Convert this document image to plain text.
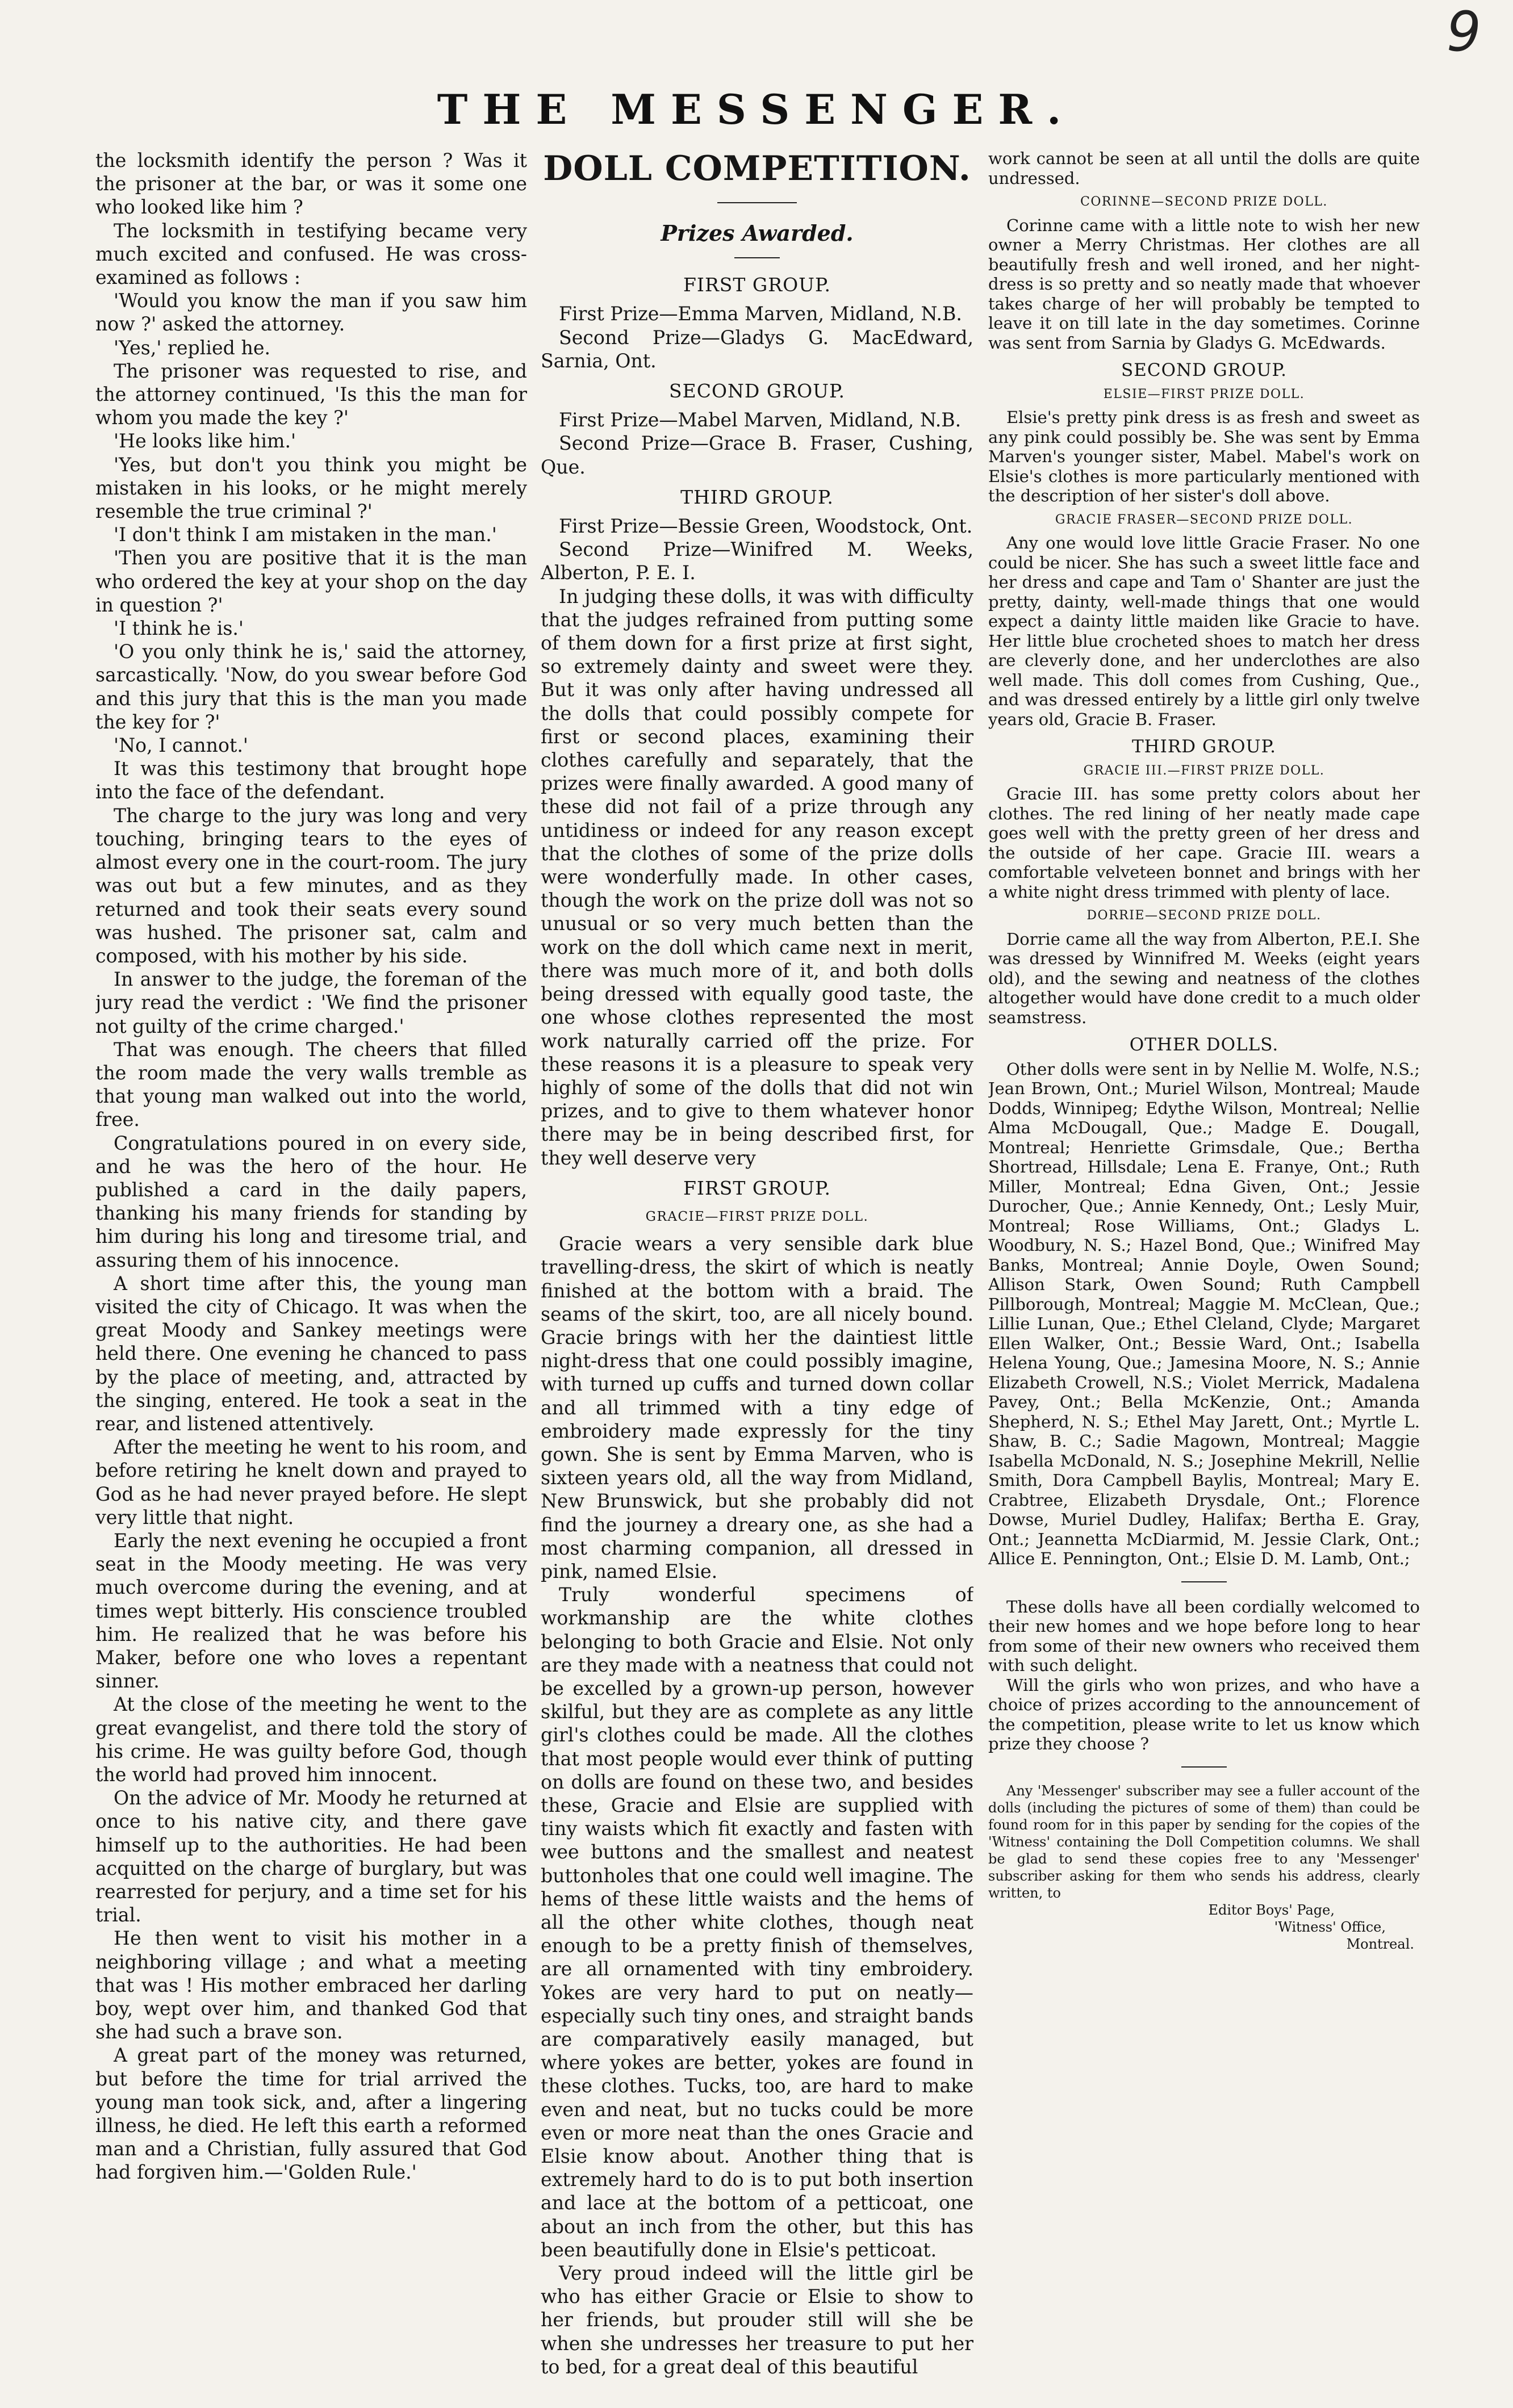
9
THE MESSENGER.

the locksmith identify the person ? Was it the prisoner at the bar, or was it some one who looked like him ?

The locksmith in testifying became very much excited and confused. He was cross-examined as follows :

'Would you know the man if you saw him now ?' asked the attorney.

'Yes,' replied he.

The prisoner was requested to rise, and the attorney continued, 'Is this the man for whom you made the key ?'

'He looks like him.'

'Yes, but don't you think you might be mistaken in his looks, or he might merely resemble the true criminal ?'

'I don't think I am mistaken in the man.'

'Then you are positive that it is the man who ordered the key at your shop on the day in question ?'

'I think he is.'

'O you only think he is,' said the attorney, sarcastically. 'Now, do you swear before God and this jury that this is the man you made the key for ?'

'No, I cannot.'

It was this testimony that brought hope into the face of the defendant.

The charge to the jury was long and very touching, bringing tears to the eyes of almost every one in the court-room. The jury was out but a few minutes, and as they returned and took their seats every sound was hushed. The prisoner sat, calm and composed, with his mother by his side.

In answer to the judge, the foreman of the jury read the verdict : 'We find the prisoner not guilty of the crime charged.'

That was enough. The cheers that filled the room made the very walls tremble as that young man walked out into the world, free.

Congratulations poured in on every side, and he was the hero of the hour. He published a card in the daily papers, thanking his many friends for standing by him during his long and tiresome trial, and assuring them of his innocence.

A short time after this, the young man visited the city of Chicago. It was when the great Moody and Sankey meetings were held there. One evening he chanced to pass by the place of meeting, and, attracted by the singing, entered. He took a seat in the rear, and listened attentively.

After the meeting he went to his room, and before retiring he knelt down and prayed to God as he had never prayed before. He slept very little that night.

Early the next evening he occupied a front seat in the Moody meeting. He was very much overcome during the evening, and at times wept bitterly. His conscience troubled him. He realized that he was before his Maker, before one who loves a repentant sinner.

At the close of the meeting he went to the great evangelist, and there told the story of his crime. He was guilty before God, though the world had proved him innocent.

On the advice of Mr. Moody he returned at once to his native city, and there gave himself up to the authorities. He had been acquitted on the charge of burglary, but was rearrested for perjury, and a time set for his trial.

He then went to visit his mother in a neighboring village ; and what a meeting that was ! His mother embraced her darling boy, wept over him, and thanked God that she had such a brave son.

A great part of the money was returned, but before the time for trial arrived the young man took sick, and, after a lingering illness, he died. He left this earth a reformed man and a Christian, fully assured that God had forgiven him.—'Golden Rule.'

DOLL COMPETITION.
Prizes Awarded.
FIRST GROUP.

First Prize—Emma Marven, Midland, N.B.

Second Prize—Gladys G. MacEdward, Sarnia, Ont.

SECOND GROUP.

First Prize—Mabel Marven, Midland, N.B.

Second Prize—Grace B. Fraser, Cushing, Que.

THIRD GROUP.

First Prize—Bessie Green, Woodstock, Ont.

Second Prize—Winifred M. Weeks, Alberton, P. E. I.

In judging these dolls, it was with difficulty that the judges refrained from putting some of them down for a first prize at first sight, so extremely dainty and sweet were they. But it was only after having undressed all the dolls that could possibly compete for first or second places, examining their clothes carefully and separately, that the prizes were finally awarded. A good many of these did not fail of a prize through any untidiness or indeed for any reason except that the clothes of some of the prize dolls were wonderfully made. In other cases, though the work on the prize doll was not so unusual or so very much betten than the work on the doll which came next in merit, there was much more of it, and both dolls being dressed with equally good taste, the one whose clothes represented the most work naturally carried off the prize. For these reasons it is a pleasure to speak very highly of some of the dolls that did not win prizes, and to give to them whatever honor there may be in being described first, for they well deserve very

FIRST GROUP.
GRACIE—FIRST PRIZE DOLL.

Gracie wears a very sensible dark blue travelling-dress, the skirt of which is neatly finished at the bottom with a braid. The seams of the skirt, too, are all nicely bound. Gracie brings with her the daintiest little night-dress that one could possibly imagine, with turned up cuffs and turned down collar and all trimmed with a tiny edge of embroidery made expressly for the tiny gown. She is sent by Emma Marven, who is sixteen years old, all the way from Midland, New Brunswick, but she probably did not find the journey a dreary one, as she had a most charming companion, all dressed in pink, named Elsie.

Truly wonderful specimens of workmanship are the white clothes belonging to both Gracie and Elsie. Not only are they made with a neatness that could not be excelled by a grown-up person, however skilful, but they are as complete as any little girl's clothes could be made. All the clothes that most people would ever think of putting on dolls are found on these two, and besides these, Gracie and Elsie are supplied with tiny waists which fit exactly and fasten with wee buttons and the smallest and neatest buttonholes that one could well imagine. The hems of these little waists and the hems of all the other white clothes, though neat enough to be a pretty finish of themselves, are all ornamented with tiny embroidery. Yokes are very hard to put on neatly—especially such tiny ones, and straight bands are comparatively easily managed, but where yokes are better, yokes are found in these clothes. Tucks, too, are hard to make even and neat, but no tucks could be more even or more neat than the ones Gracie and Elsie know about. Another thing that is extremely hard to do is to put both insertion and lace at the bottom of a petticoat, one about an inch from the other, but this has been beautifully done in Elsie's petticoat.

Very proud indeed will the little girl be who has either Gracie or Elsie to show to her friends, but prouder still will she be when she undresses her treasure to put her to bed, for a great deal of this beautiful

work cannot be seen at all until the dolls are quite undressed.

CORINNE—SECOND PRIZE DOLL.

Corinne came with a little note to wish her new owner a Merry Christmas. Her clothes are all beautifully fresh and well ironed, and her night-dress is so pretty and so neatly made that whoever takes charge of her will probably be tempted to leave it on till late in the day sometimes. Corinne was sent from Sarnia by Gladys G. McEdwards.

SECOND GROUP.
ELSIE—FIRST PRIZE DOLL.

Elsie's pretty pink dress is as fresh and sweet as any pink could possibly be. She was sent by Emma Marven's younger sister, Mabel. Mabel's work on Elsie's clothes is more particularly mentioned with the description of her sister's doll above.

GRACIE FRASER—SECOND PRIZE DOLL.

Any one would love little Gracie Fraser. No one could be nicer. She has such a sweet little face and her dress and cape and Tam o' Shanter are just the pretty, dainty, well-made things that one would expect a dainty little maiden like Gracie to have. Her little blue crocheted shoes to match her dress are cleverly done, and her underclothes are also well made. This doll comes from Cushing, Que., and was dressed entirely by a little girl only twelve years old, Gracie B. Fraser.

THIRD GROUP.
GRACIE III.—FIRST PRIZE DOLL.

Gracie III. has some pretty colors about her clothes. The red lining of her neatly made cape goes well with the pretty green of her dress and the outside of her cape. Gracie III. wears a comfortable velveteen bonnet and brings with her a white night dress trimmed with plenty of lace.

DORRIE—SECOND PRIZE DOLL.

Dorrie came all the way from Alberton, P.E.I. She was dressed by Winnifred M. Weeks (eight years old), and the sewing and neatness of the clothes altogether would have done credit to a much older seamstress.

OTHER DOLLS.

Other dolls were sent in by Nellie M. Wolfe, N.S.; Jean Brown, Ont.; Muriel Wilson, Montreal; Maude Dodds, Winnipeg; Edythe Wilson, Montreal; Nellie Alma McDougall, Que.; Madge E. Dougall, Montreal; Henriette Grimsdale, Que.; Bertha Shortread, Hillsdale; Lena E. Franye, Ont.; Ruth Miller, Montreal; Edna Given, Ont.; Jessie Durocher, Que.; Annie Kennedy, Ont.; Lesly Muir, Montreal; Rose Williams, Ont.; Gladys L. Woodbury, N. S.; Hazel Bond, Que.; Winifred May Banks, Montreal; Annie Doyle, Owen Sound; Allison Stark, Owen Sound; Ruth Campbell Pillborough, Montreal; Maggie M. McClean, Que.; Lillie Lunan, Que.; Ethel Cleland, Clyde; Margaret Ellen Walker, Ont.; Bessie Ward, Ont.; Isabella Helena Young, Que.; Jamesina Moore, N. S.; Annie Elizabeth Crowell, N.S.; Violet Merrick, Madalena Pavey, Ont.; Bella McKenzie, Ont.; Amanda Shepherd, N. S.; Ethel May Jarett, Ont.; Myrtle L. Shaw, B. C.; Sadie Magown, Montreal; Maggie Isabella McDonald, N. S.; Josephine Mekrill, Nellie Smith, Dora Campbell Baylis, Montreal; Mary E. Crabtree, Elizabeth Drysdale, Ont.; Florence Dowse, Muriel Dudley, Halifax; Bertha E. Gray, Ont.; Jeannetta McDiarmid, M. Jessie Clark, Ont.; Allice E. Pennington, Ont.; Elsie D. M. Lamb, Ont.;

These dolls have all been cordially welcomed to their new homes and we hope before long to hear from some of their new owners who received them with such delight.

Will the girls who won prizes, and who have a choice of prizes according to the announcement of the competition, please write to let us know which prize they choose ?

Any 'Messenger' subscriber may see a fuller account of the dolls (including the pictures of some of them) than could be found room for in this paper by sending for the copies of the 'Witness' containing the Doll Competition columns. We shall be glad to send these copies free to any 'Messenger' subscriber asking for them who sends his address, clearly written, to

Editor Boys' Page,

'Witness' Office,

Montreal.
